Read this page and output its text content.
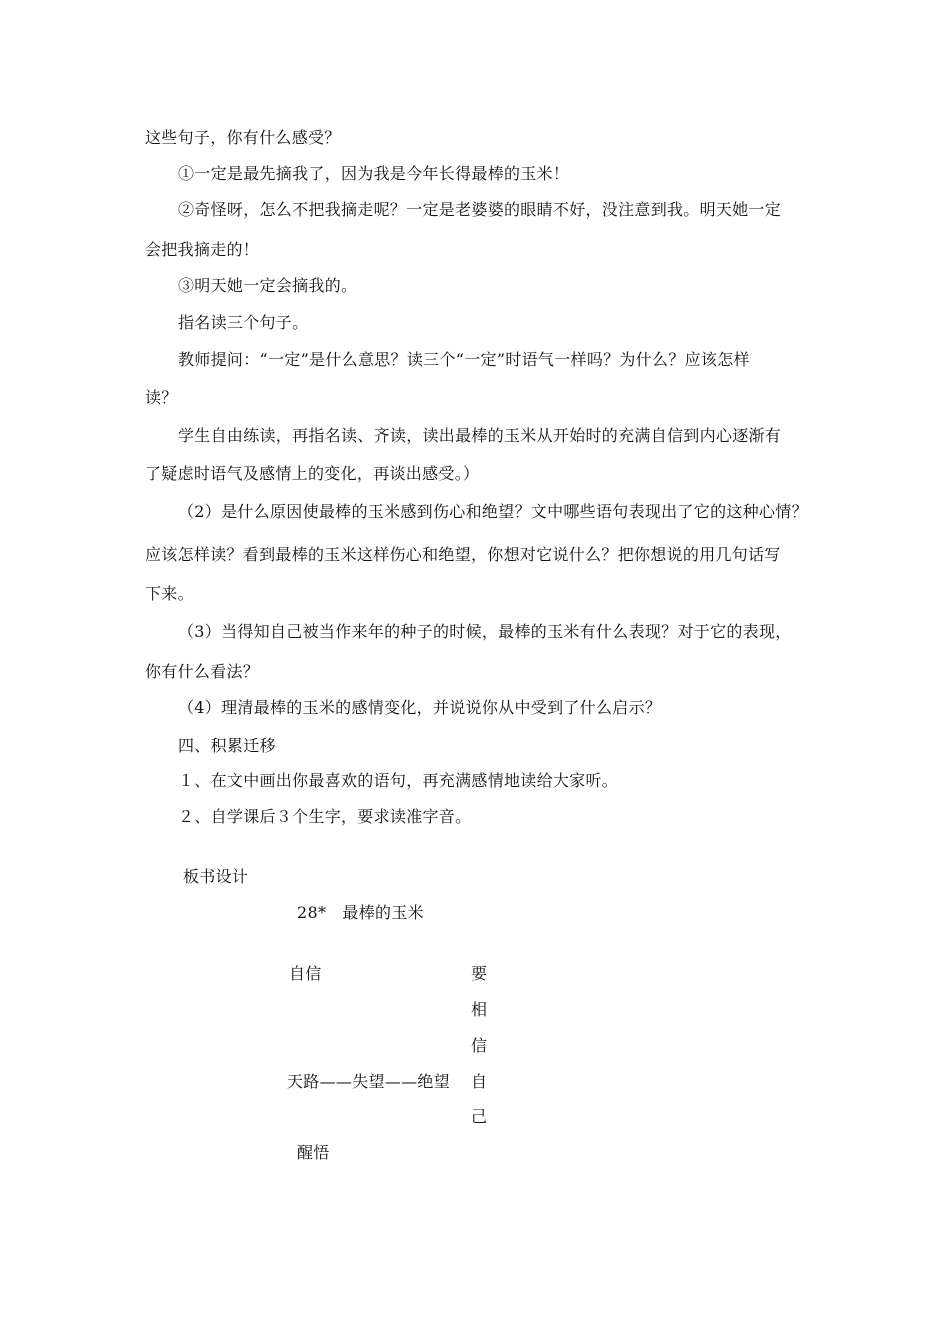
这些句子，你有什么感受？
①一定是最先摘我了，因为我是今年长得最棒的玉米！
②奇怪呀，怎么不把我摘走呢？一定是老婆婆的眼睛不好，没注意到我。明天她一定
会把我摘走的！
③明天她一定会摘我的。
指名读三个句子。
教师提问：“一定”是什么意思？读三个“一定”时语气一样吗？为什么？应该怎样
读？
学生自由练读，再指名读、齐读，读出最棒的玉米从开始时的充满自信到内心逐渐有
了疑虑时语气及感情上的变化，再谈出感受。）
（2）是什么原因使最棒的玉米感到伤心和绝望？文中哪些语句表现出了它的这种心情？
应该怎样读？看到最棒的玉米这样伤心和绝望，你想对它说什么？把你想说的用几句话写
下来。
（3）当得知自己被当作来年的种子的时候，最棒的玉米有什么表现？对于它的表现，
你有什么看法？
（4）理清最棒的玉米的感情变化，并说说你从中受到了什么启示？
四、积累迁移
１、在文中画出你最喜欢的语句，再充满感情地读给大家听。
２、自学课后３个生字，要求读准字音。
板书设计
28*   最棒的玉米
自信
天路——失望——绝望
醒悟
要
相
信
自
己
